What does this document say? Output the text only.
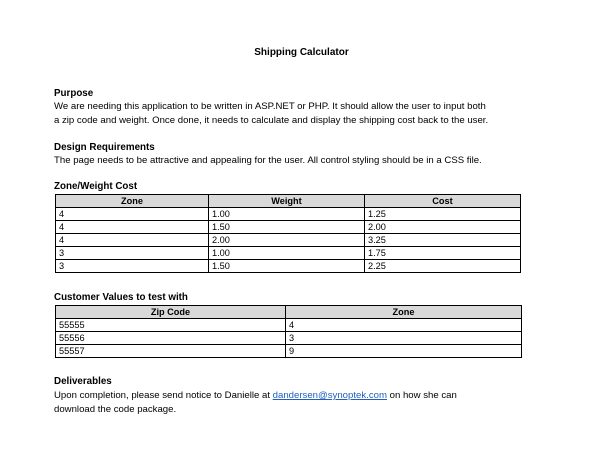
Shipping Calculator
Purpose
We are needing this application to be written in ASP.NET or PHP. It should allow the user to input both
a zip code and weight. Once done, it needs to calculate and display the shipping cost back to the user.
Design Requirements
The page needs to be attractive and appealing for the user. All control styling should be in a CSS file.
Zone/Weight Cost
Zone	Weight	Cost
4	1.00	1.25
4	1.50	2.00
4	2.00	3.25
3	1.00	1.75
3	1.50	2.25
Customer Values to test with
Zip Code	Zone
55555	4
55556	3
55557	9
Deliverables
Upon completion, please send notice to Danielle at dandersen@synoptek.com on how she can
download the code package.
